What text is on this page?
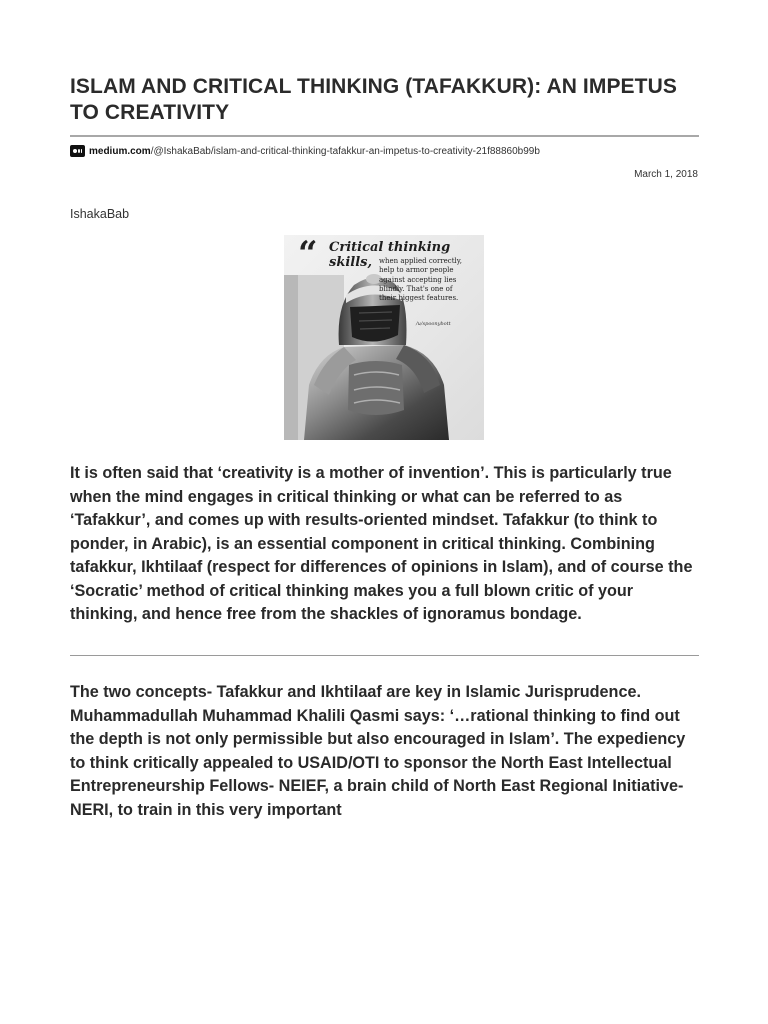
ISLAM AND CRITICAL THINKING (TAFAKKUR): AN IMPETUS TO CREATIVITY
medium.com /@IshakaBab/islam-and-critical-thinking-tafakkur-an-impetus-to-creativity-21f88860b99b
March 1, 2018
IshakaBab
“ Critical thinking skills,	when applied correctly,
help to armor people
against accepting lies
blindly. That's one of
their biggest features.
/u/spoonybott

It is often said that ‘creativity is a mother of invention’. This is particularly true when the mind engages in critical thinking or what can be referred to as ‘Tafakkur’, and comes up with results-oriented mindset. Tafakkur (to think to ponder, in Arabic), is an essential component in critical thinking. Combining tafakkur, Ikhtilaaf (respect for differences of opinions in Islam), and of course the ‘Socratic’ method of critical thinking makes you a full blown critic of your thinking, and hence free from the shackles of ignoramus bondage.

The two concepts- Tafakkur and Ikhtilaaf are key in Islamic Jurisprudence. Muhammadullah Muhammad Khalili Qasmi says: ‘…rational thinking to find out the depth is not only permissible but also encouraged in Islam’. The expediency to think critically appealed to USAID/OTI to sponsor the North East Intellectual Entrepreneurship Fellows- NEIEF, a brain child of North East Regional Initiative- NERI, to train in this very important
